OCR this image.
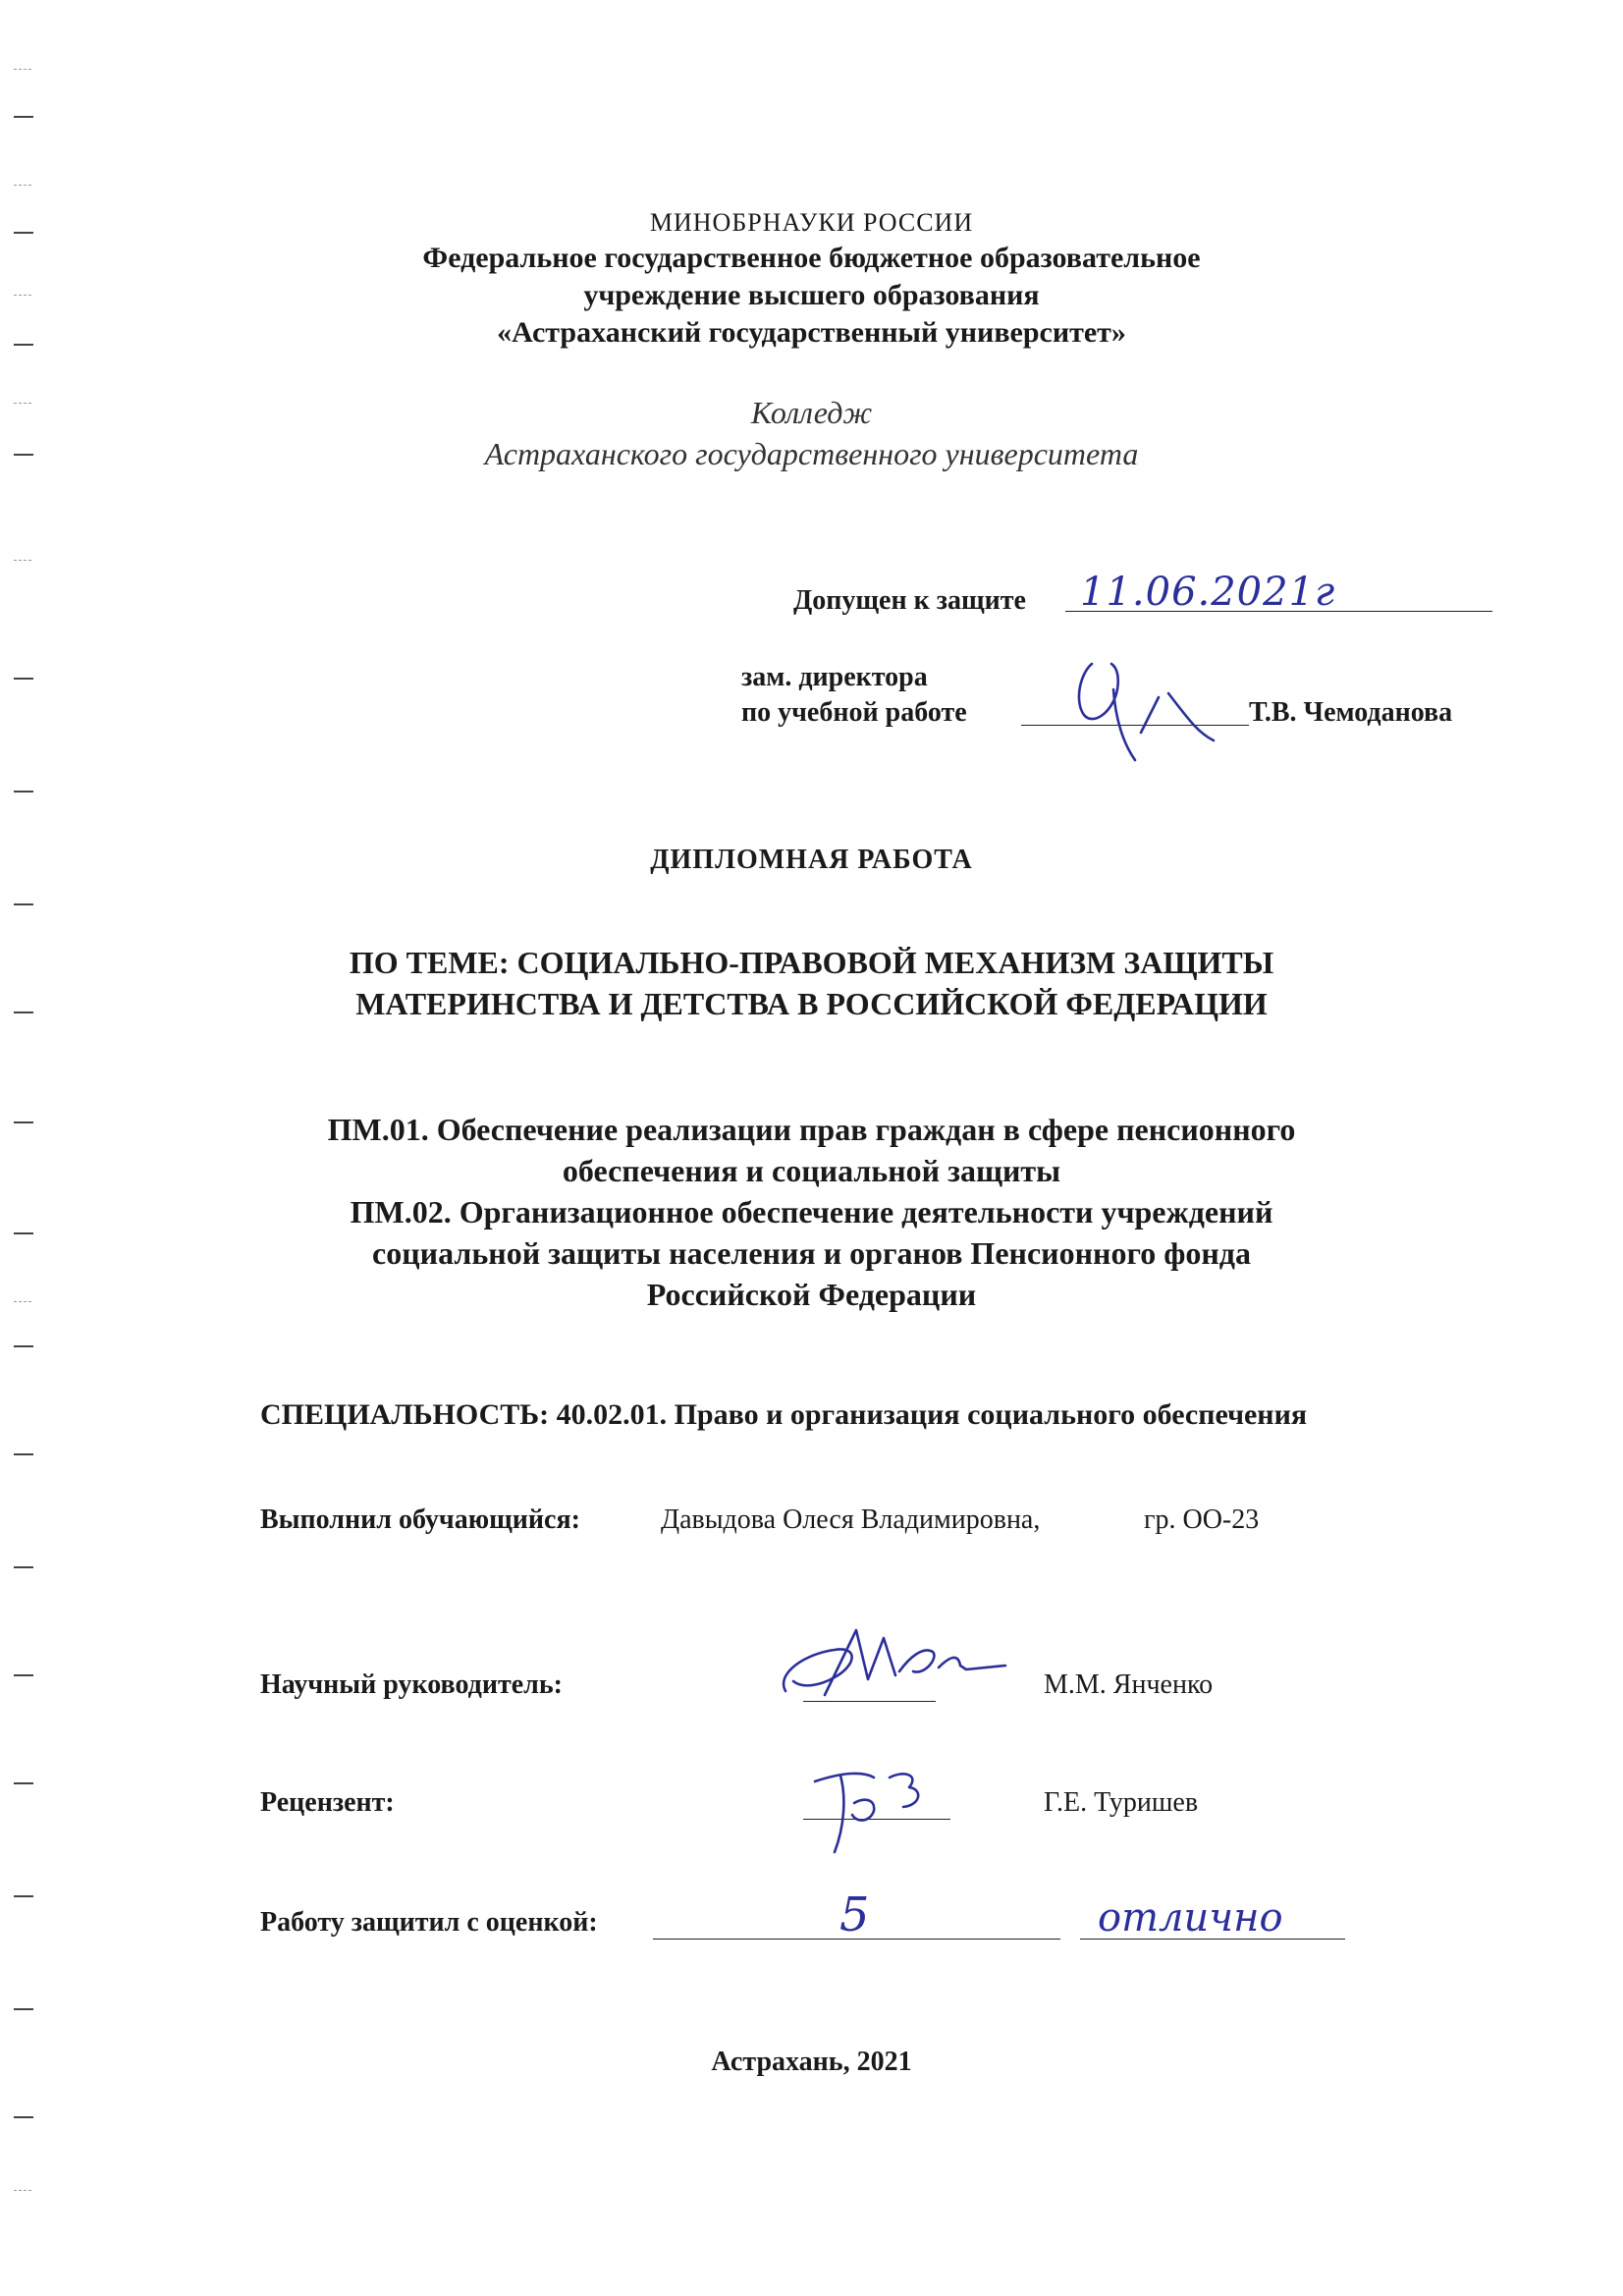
МИНОБРНАУКИ РОССИИ
Федеральное государственное бюджетное образовательное
учреждение высшего образования
«Астраханский государственный университет»
Колледж
Астраханского государственного университета
Допущен к защите 11.06.2021г
зам. директора
по учебной работе	Т.В. Чемоданова
ДИПЛОМНАЯ РАБОТА
ПО ТЕМЕ: СОЦИАЛЬНО-ПРАВОВОЙ МЕХАНИЗМ ЗАЩИТЫ
МАТЕРИНСТВА И ДЕТСТВА В РОССИЙСКОЙ ФЕДЕРАЦИИ
ПМ.01. Обеспечение реализации прав граждан в сфере пенсионного
обеспечения и социальной защиты
ПМ.02. Организационное обеспечение деятельности учреждений
социальной защиты населения и органов Пенсионного фонда
Российской Федерации
СПЕЦИАЛЬНОСТЬ: 40.02.01. Право и организация социального обеспечения
Выполнил обучающийся:	Давыдова Олеся Владимировна,	гр. ОО-23
Научный руководитель:	М.М. Янченко
Рецензент:	Г.Е. Туришев
Работу защитил с оценкой:	5	отлично
Астрахань, 2021
